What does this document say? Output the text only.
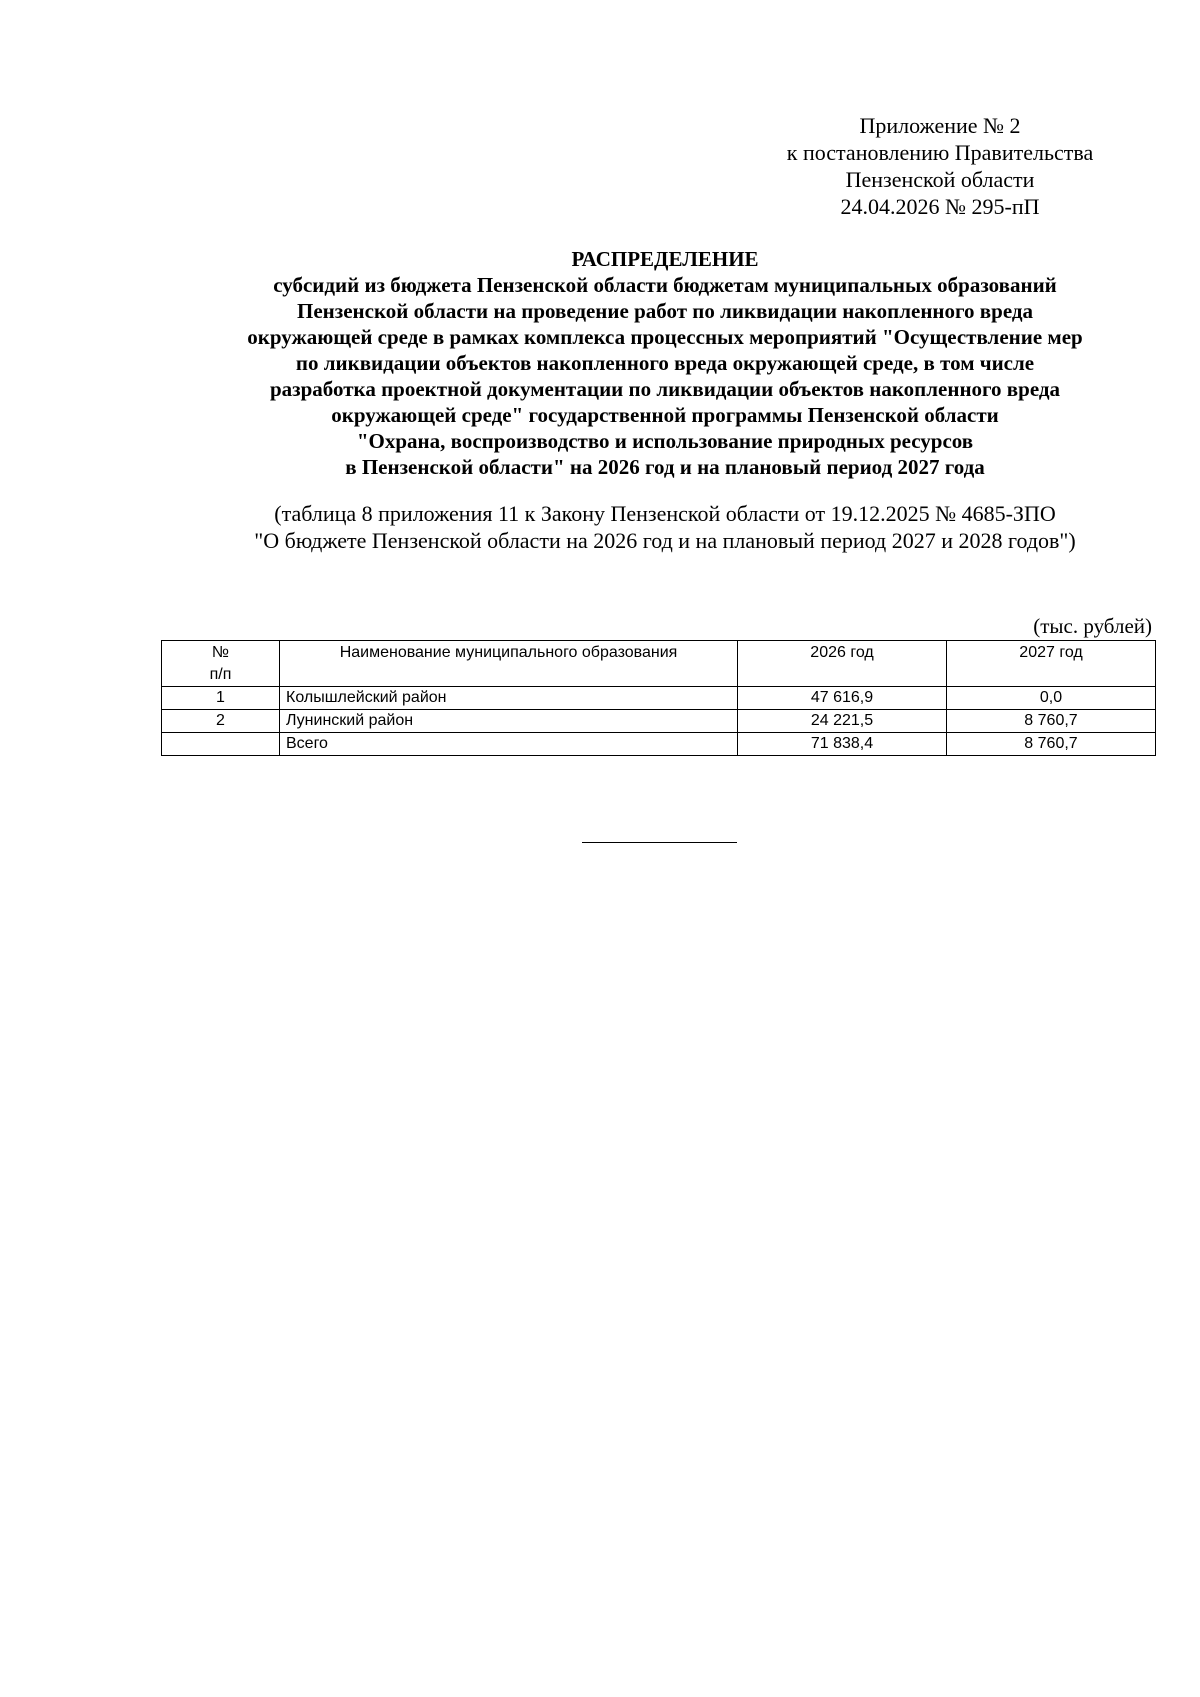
Приложение № 2
к постановлению Правительства
Пензенской области
24.04.2026 № 295-пП
РАСПРЕДЕЛЕНИЕ
субсидий из бюджета Пензенской области бюджетам муниципальных образований
Пензенской области на проведение работ по ликвидации накопленного вреда
окружающей среде в рамках комплекса процессных мероприятий "Осуществление мер
по ликвидации объектов накопленного вреда окружающей среде, в том числе
разработка проектной документации по ликвидации объектов накопленного вреда
окружающей среде" государственной программы Пензенской области
"Охрана, воспроизводство и использование природных ресурсов
в Пензенской области" на 2026 год и на плановый период 2027 года
(таблица 8 приложения 11 к Закону Пензенской области от 19.12.2025 № 4685-ЗПО
"О бюджете Пензенской области на 2026 год и на плановый период 2027 и 2028 годов")
(тыс. рублей)
№
п/п	Наименование муниципального образования	2026 год	2027 год
1	Колышлейский район	47 616,9	0,0
2	Лунинский район	24 221,5	8 760,7
	Всего	71 838,4	8 760,7
